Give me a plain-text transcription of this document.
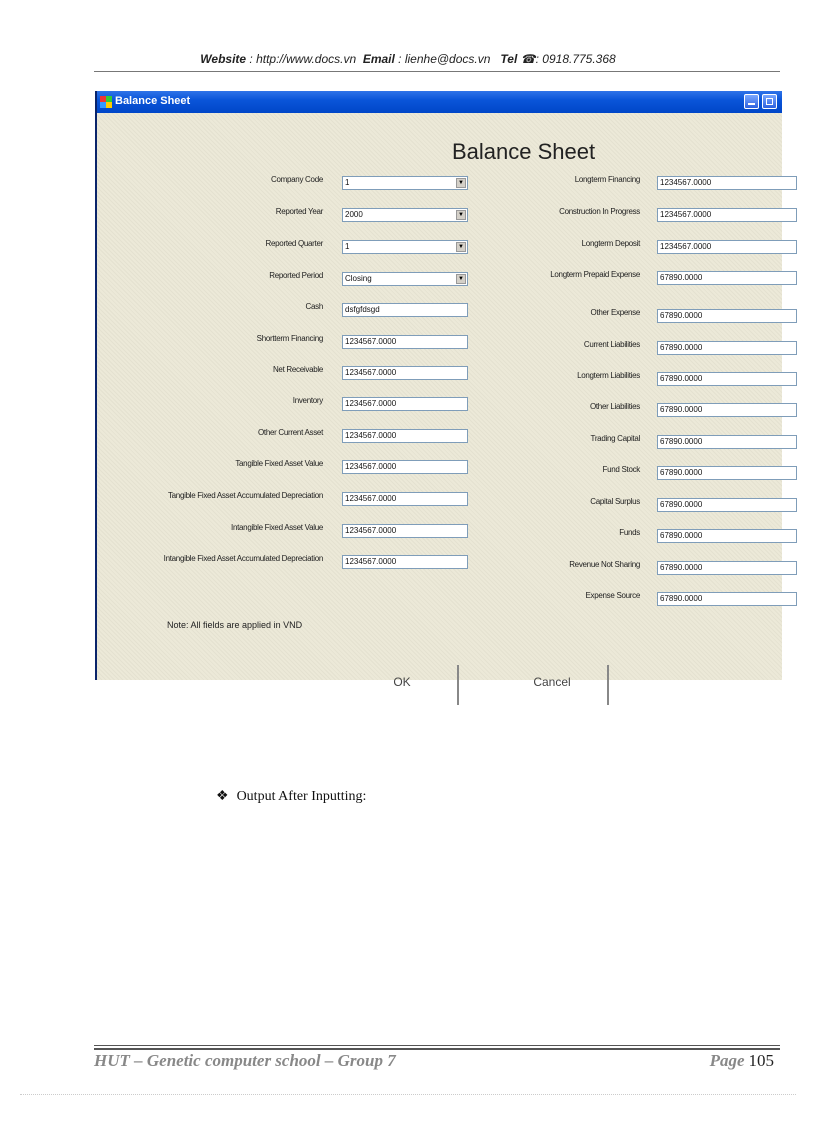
Website : http://www.docs.vn Email : lienhe@docs.vn Tel ☎: 0918.775.368
Balance Sheet
Balance Sheet
Note: All fields are applied in VND
OK	Cancel
Company Code	1	▼
Reported Year	2000	▼
Reported Quarter	1	▼
Reported Period	Closing	▼
Cash	dsfgfdsgd
Shortterm Financing	1234567.0000
Net Receivable	1234567.0000
Inventory	1234567.0000
Other Current Asset	1234567.0000
Tangible Fixed Asset Value	1234567.0000
Tangible Fixed Asset Accumulated Depreciation	1234567.0000
Intangible Fixed Asset Value	1234567.0000
Intangible Fixed Asset Accumulated Depreciation	1234567.0000
Longterm Financing	1234567.0000
Construction In Progress	1234567.0000
Longterm Deposit	1234567.0000
Longterm Prepaid Expense	67890.0000
Other Expense	67890.0000
Current Liabilities	67890.0000
Longterm Liabilities	67890.0000
Other Liabilities	67890.0000
Trading Capital	67890.0000
Fund Stock	67890.0000
Capital Surplus	67890.0000
Funds	67890.0000
Revenue Not Sharing	67890.0000
Expense Source	67890.0000
❖ Output After Inputting:
HUT – Genetic computer school – Group 7	Page 105
